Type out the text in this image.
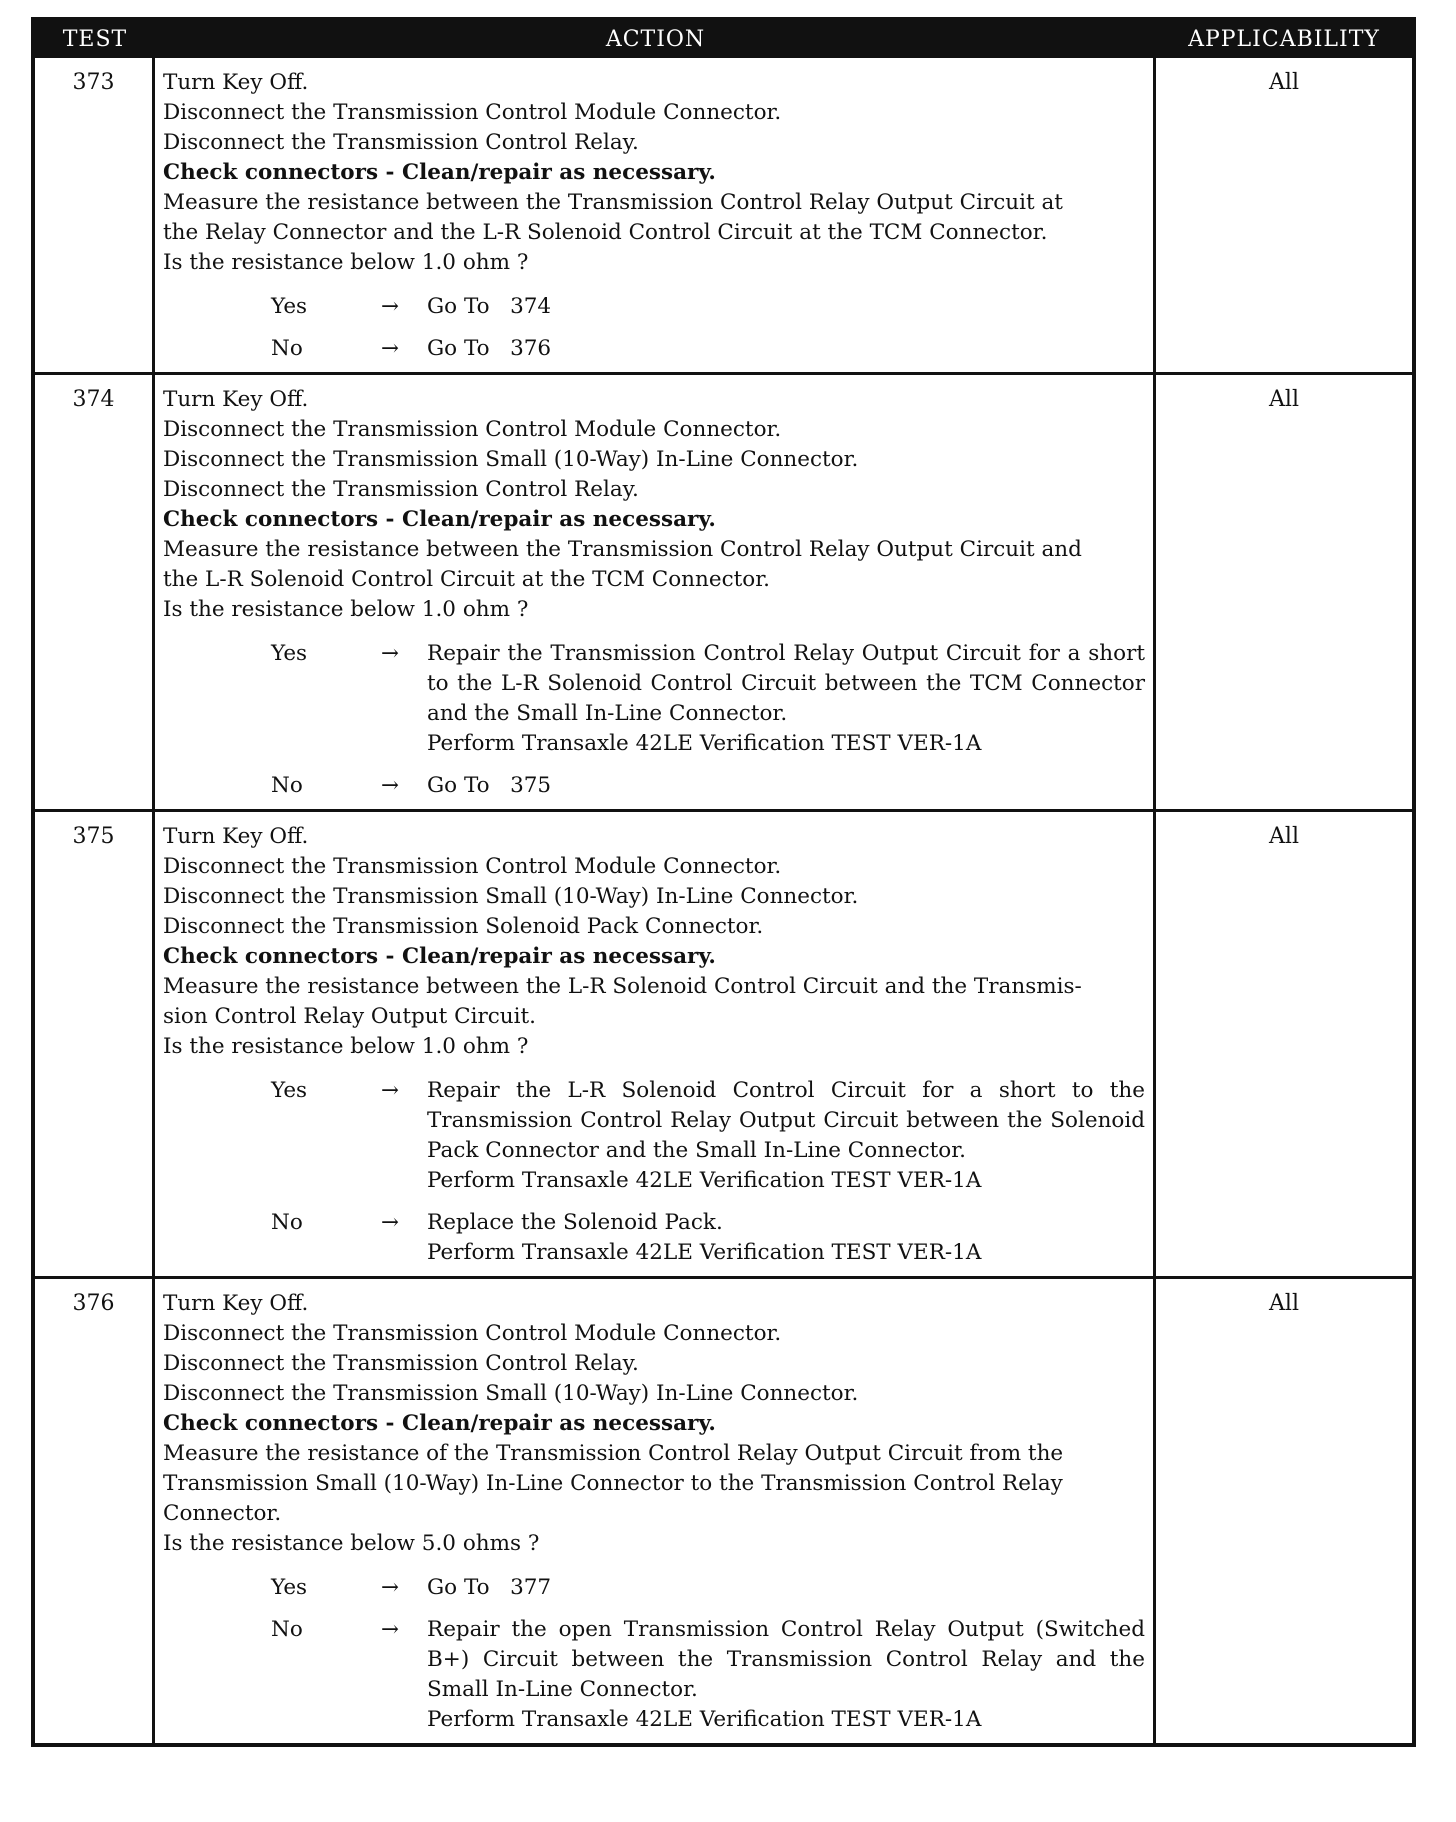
TEST	ACTION	APPLICABILITY
373	Turn Key Off.
Disconnect the Transmission Control Module Connector.
Disconnect the Transmission Control Relay.
Check connectors - Clean/repair as necessary.
Measure the resistance between the Transmission Control Relay Output Circuit at
the Relay Connector and the L-R Solenoid Control Circuit at the TCM Connector.
Is the resistance below 1.0 ohm ?
Yes	→	Go To   374
No	→	Go To   376
All
374	Turn Key Off.
Disconnect the Transmission Control Module Connector.
Disconnect the Transmission Small (10-Way) In-Line Connector.
Disconnect the Transmission Control Relay.
Check connectors - Clean/repair as necessary.
Measure the resistance between the Transmission Control Relay Output Circuit and
the L-R Solenoid Control Circuit at the TCM Connector.
Is the resistance below 1.0 ohm ?
Yes	→	Repair the Transmission Control Relay Output Circuit for a short
to the L-R Solenoid Control Circuit between the TCM Connector
and the Small In-Line Connector.
Perform Transaxle 42LE Verification TEST VER-1A
No	→	Go To   375
All
375	Turn Key Off.
Disconnect the Transmission Control Module Connector.
Disconnect the Transmission Small (10-Way) In-Line Connector.
Disconnect the Transmission Solenoid Pack Connector.
Check connectors - Clean/repair as necessary.
Measure the resistance between the L-R Solenoid Control Circuit and the Transmis-
sion Control Relay Output Circuit.
Is the resistance below 1.0 ohm ?
Yes	→	Repair the L-R Solenoid Control Circuit for a short to the
Transmission Control Relay Output Circuit between the Solenoid
Pack Connector and the Small In-Line Connector.
Perform Transaxle 42LE Verification TEST VER-1A
No	→	Replace the Solenoid Pack.
Perform Transaxle 42LE Verification TEST VER-1A
All
376	Turn Key Off.
Disconnect the Transmission Control Module Connector.
Disconnect the Transmission Control Relay.
Disconnect the Transmission Small (10-Way) In-Line Connector.
Check connectors - Clean/repair as necessary.
Measure the resistance of the Transmission Control Relay Output Circuit from the
Transmission Small (10-Way) In-Line Connector to the Transmission Control Relay
Connector.
Is the resistance below 5.0 ohms ?
Yes	→	Go To   377
No	→	Repair the open Transmission Control Relay Output (Switched
B+) Circuit between the Transmission Control Relay and the
Small In-Line Connector.
Perform Transaxle 42LE Verification TEST VER-1A
All
